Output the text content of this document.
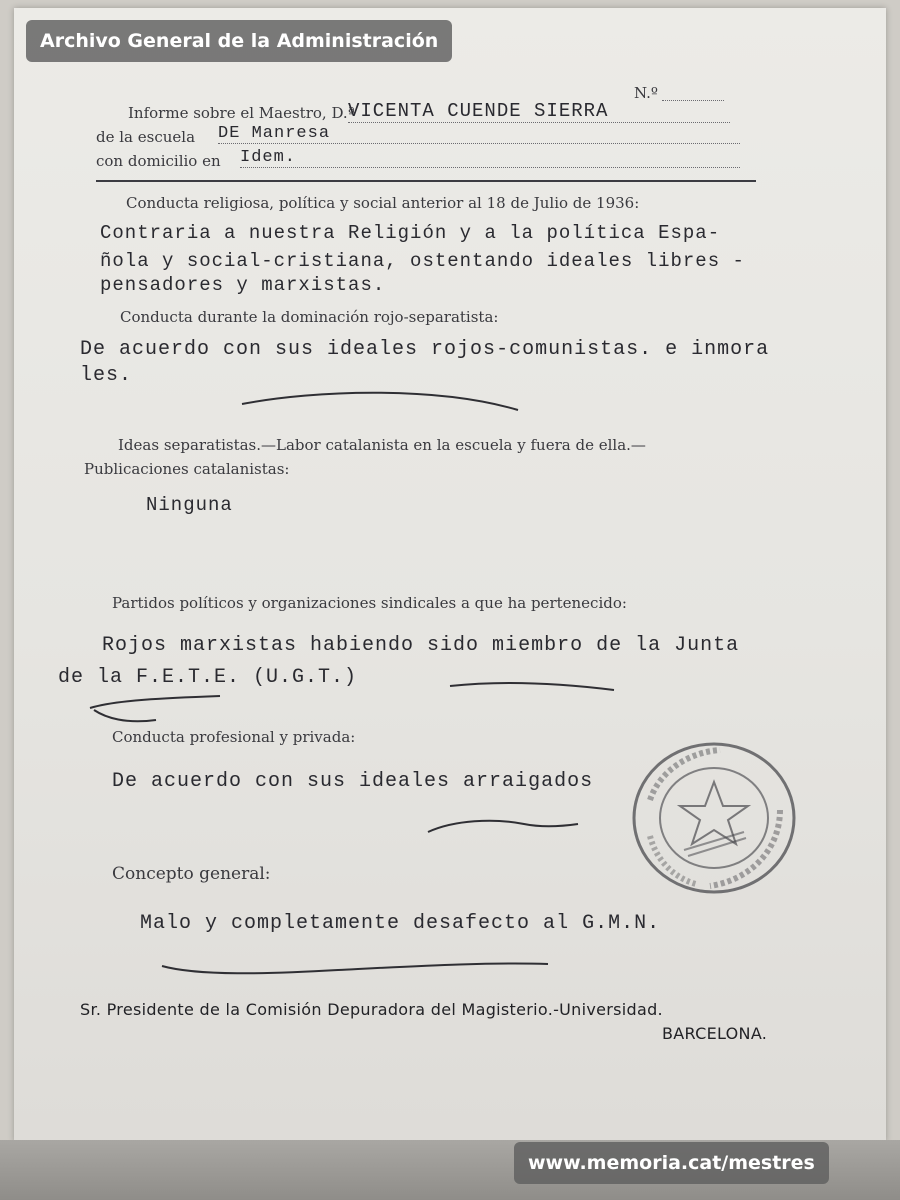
N.º
Informe sobre el Maestro, D.ª
VICENTA CUENDE SIERRA
de la escuela DE Manresa
con domicilio en Idem.
Conducta religiosa, política y social anterior al 18 de Julio de 1936:
Contraria a nuestra Religión y a la política Espa-
ñola y social-cristiana, ostentando ideales libres -
pensadores y marxistas.
Conducta durante la dominación rojo-separatista:
De acuerdo con sus ideales rojos-comunistas. e inmora
les.
Ideas separatistas.—Labor catalanista en la escuela y fuera de ella.—
Publicaciones catalanistas:
Ninguna
Partidos políticos y organizaciones sindicales a que ha pertenecido:
Rojos marxistas habiendo sido miembro de la Junta
de la F.E.T.E. (U.G.T.)
Conducta profesional y privada:
De acuerdo con sus ideales arraigados
Concepto general:
Malo y completamente desafecto al G.M.N.
Sr. Presidente de la Comisión Depuradora del Magisterio.-Universidad.
BARCELONA.
Archivo General de la Administración
www.memoria.cat/mestres
